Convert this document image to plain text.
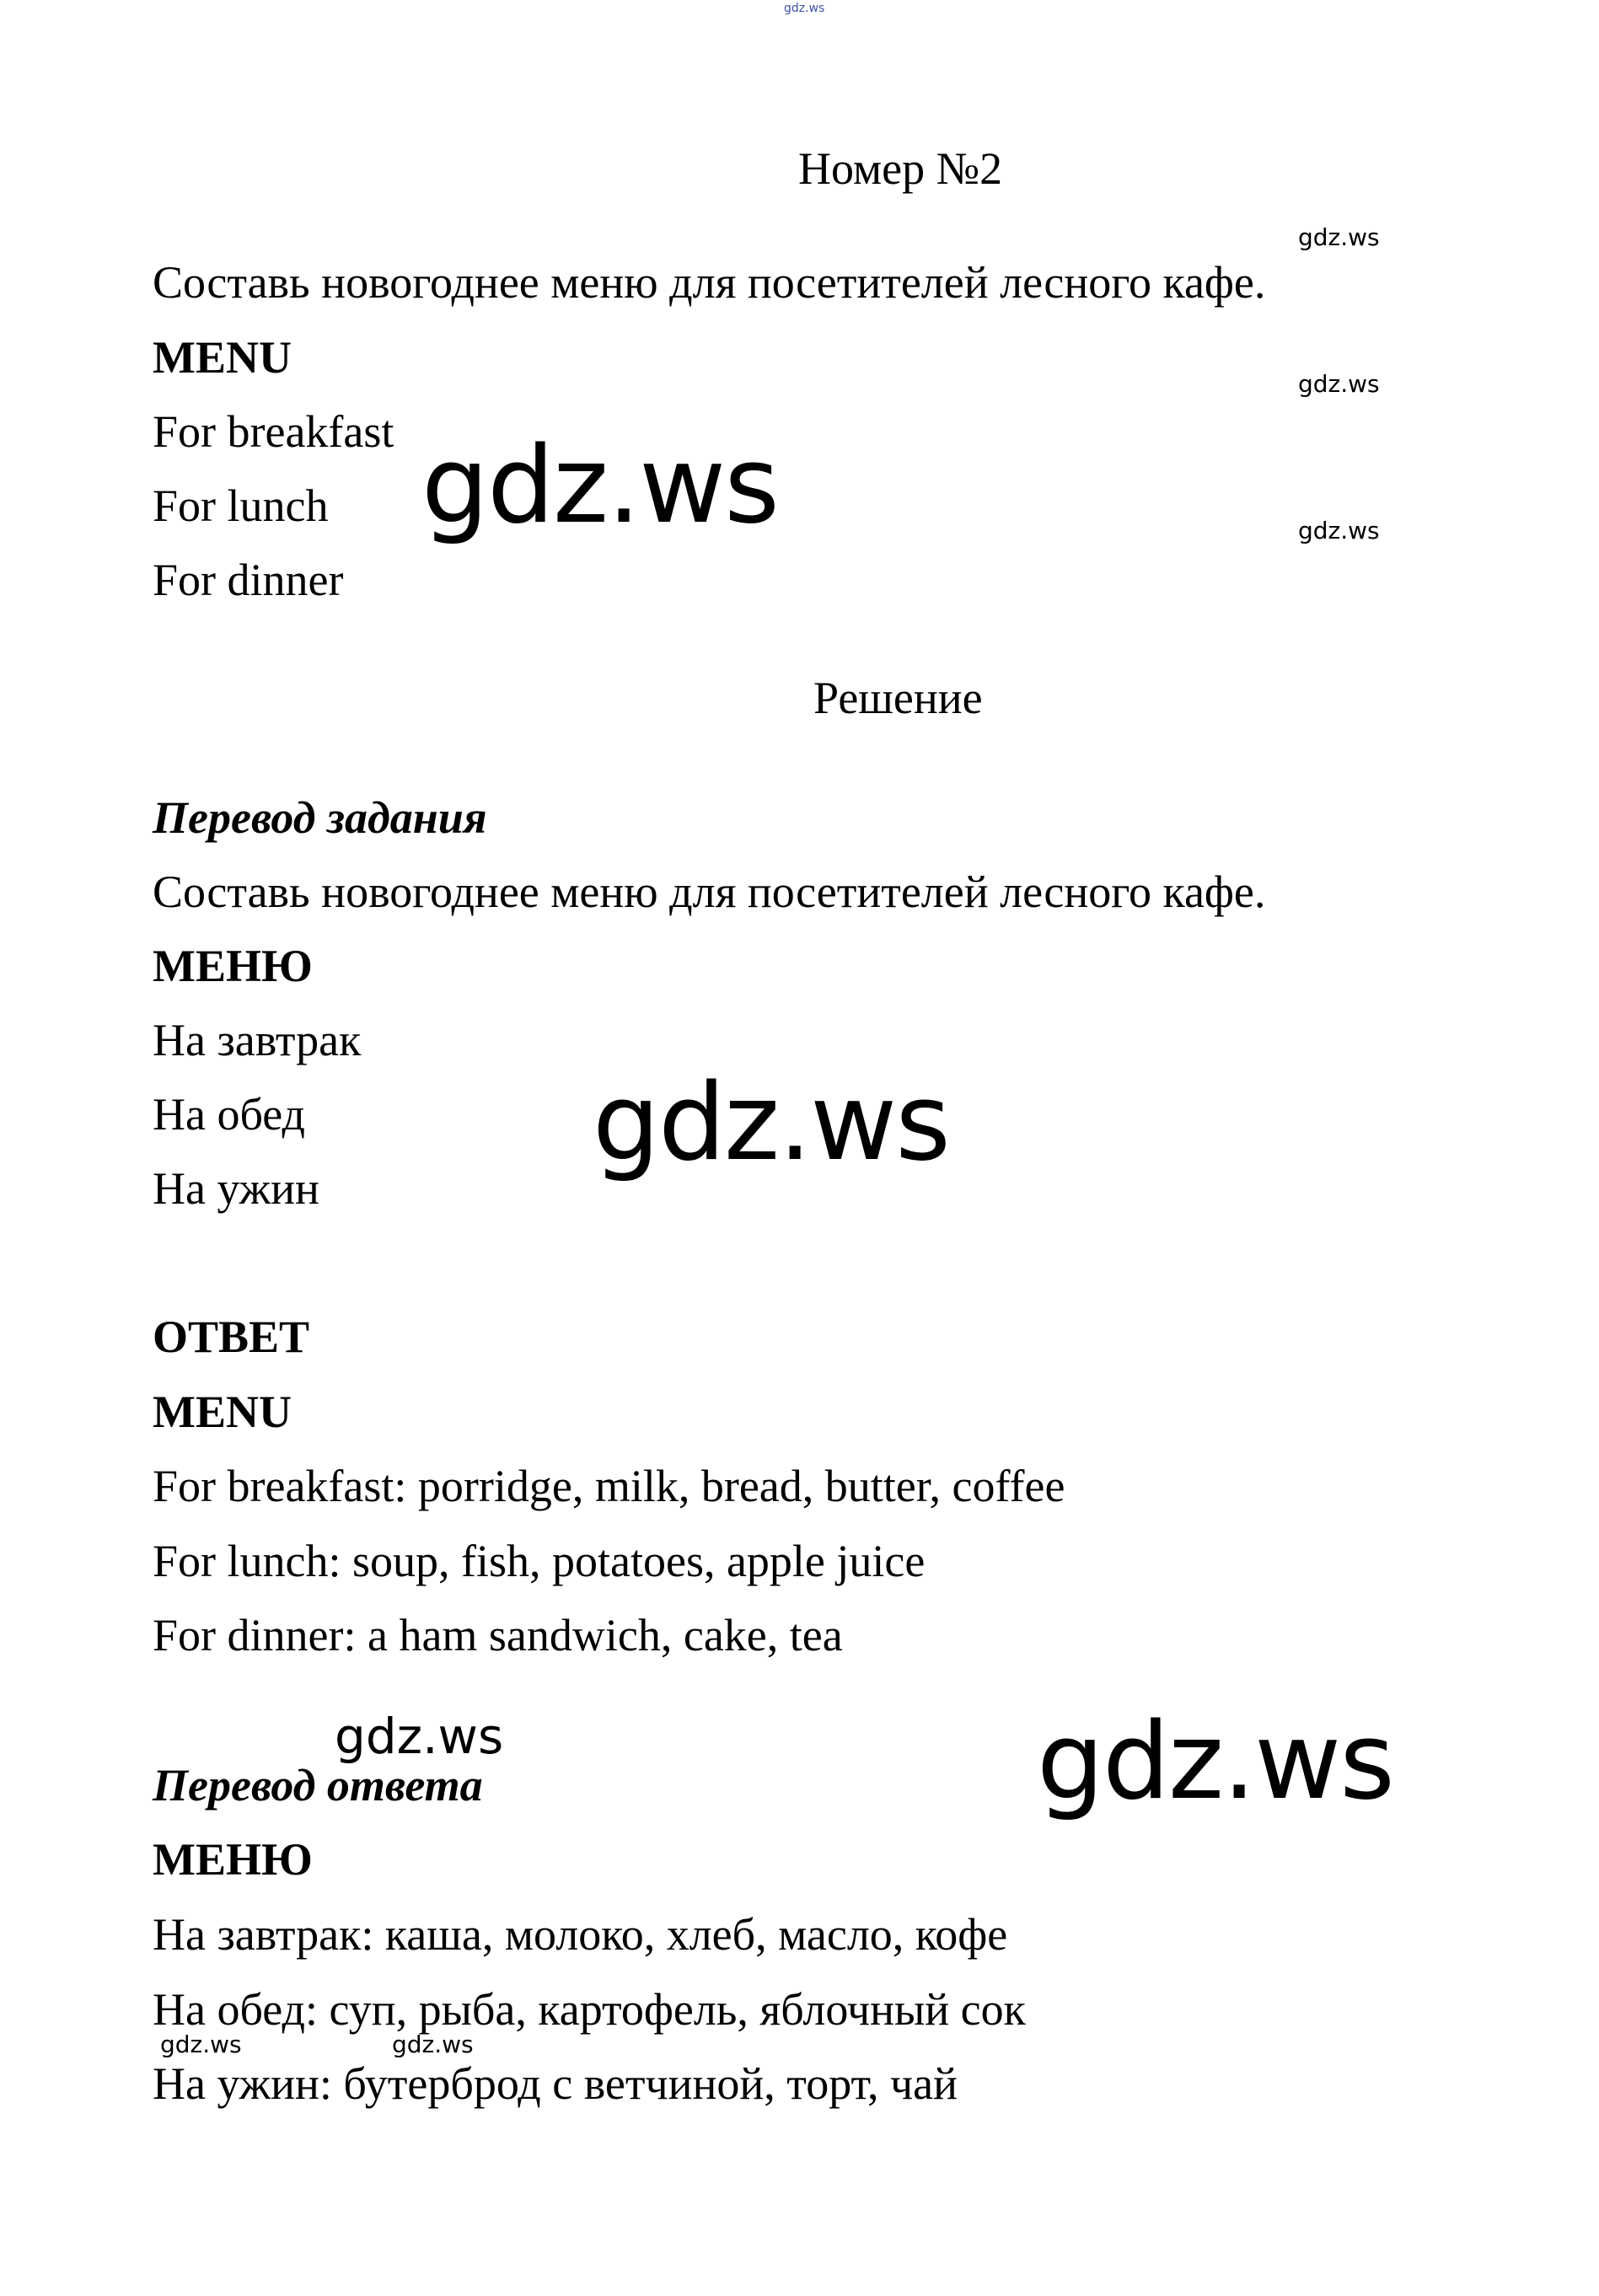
gdz.ws
Номер №2
gdz.ws
gdz.ws
gdz.ws
Составь новогоднее меню для посетителей лесного кафе.
MENU
For breakfast
For lunch
For dinner
gdz.ws
Решение
Перевод задания
Составь новогоднее меню для посетителей лесного кафе.
МЕНЮ
На завтрак
На обед
На ужин
gdz.ws
ОТВЕТ
MENU
For breakfast: porridge, milk, bread, butter, coffee
For lunch: soup, fish, potatoes, apple juice
For dinner: a ham sandwich, cake, tea
gdz.ws	gdz.ws
Перевод ответа
МЕНЮ
На завтрак: каша, молоко, хлеб, масло, кофе
На обед: суп, рыба, картофель, яблочный сок
gdz.ws	gdz.ws
На ужин: бутерброд с ветчиной, торт, чай
